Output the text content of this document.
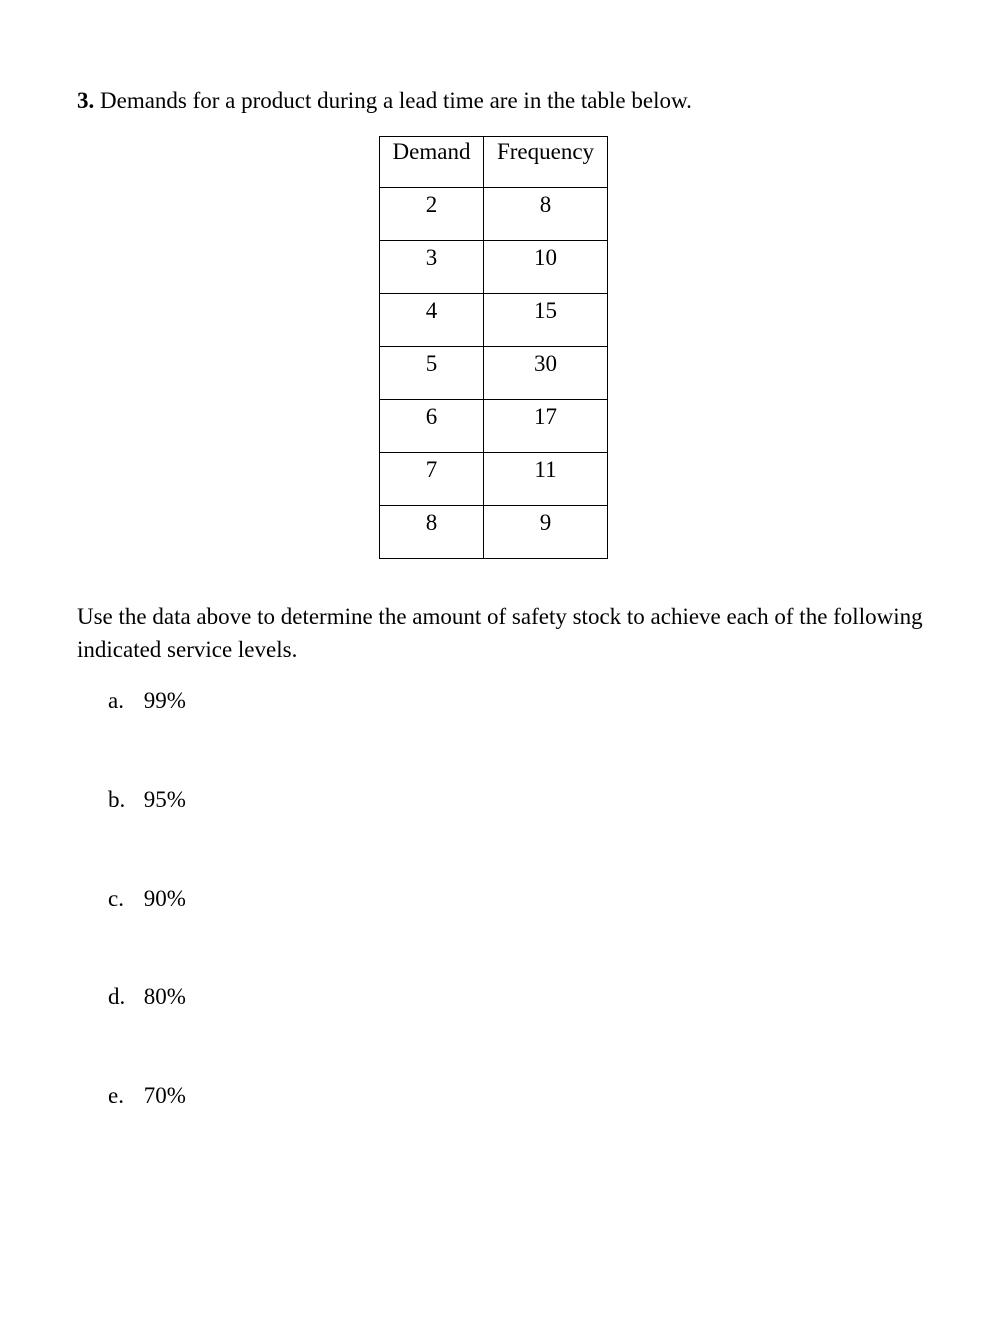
3. Demands for a product during a lead time are in the table below.
Demand	Frequency
2	8
3	10
4	15
5	30
6	17
7	11
8	9
Use the data above to determine the amount of safety stock to achieve each of the following indicated service levels.
a. 99%
b. 95%
c. 90%
d. 80%
e. 70%
